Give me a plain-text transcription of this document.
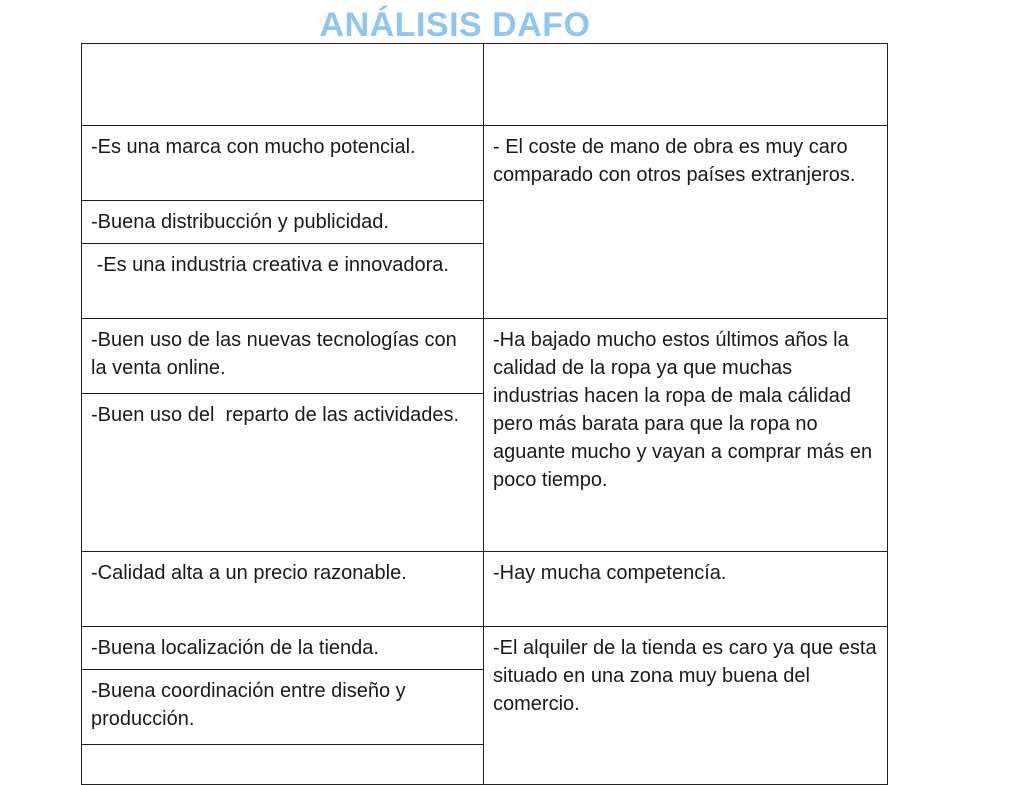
ANÁLISIS DAFO

-Es una marca con mucho potencial.	- El coste de mano de obra es muy caro comparado con otros países extranjeros.
-Buena distribucción y publicidad.	
-Es una industria creativa e innovadora.	
-Buen uso de las nuevas tecnologías con la venta online.	-Ha bajado mucho estos últimos años la calidad de la ropa ya que muchas industrias hacen la ropa de mala cálidad pero más barata para que la ropa no aguante mucho y vayan a comprar más en poco tiempo.
-Buen uso del  reparto de las actividades.	
-Calidad alta a un precio razonable.	-Hay mucha competencía.
-Buena localización de la tienda.	-El alquiler de la tienda es caro ya que esta situado en una zona muy buena del comercio.
-Buena coordinación entre diseño y producción.	
